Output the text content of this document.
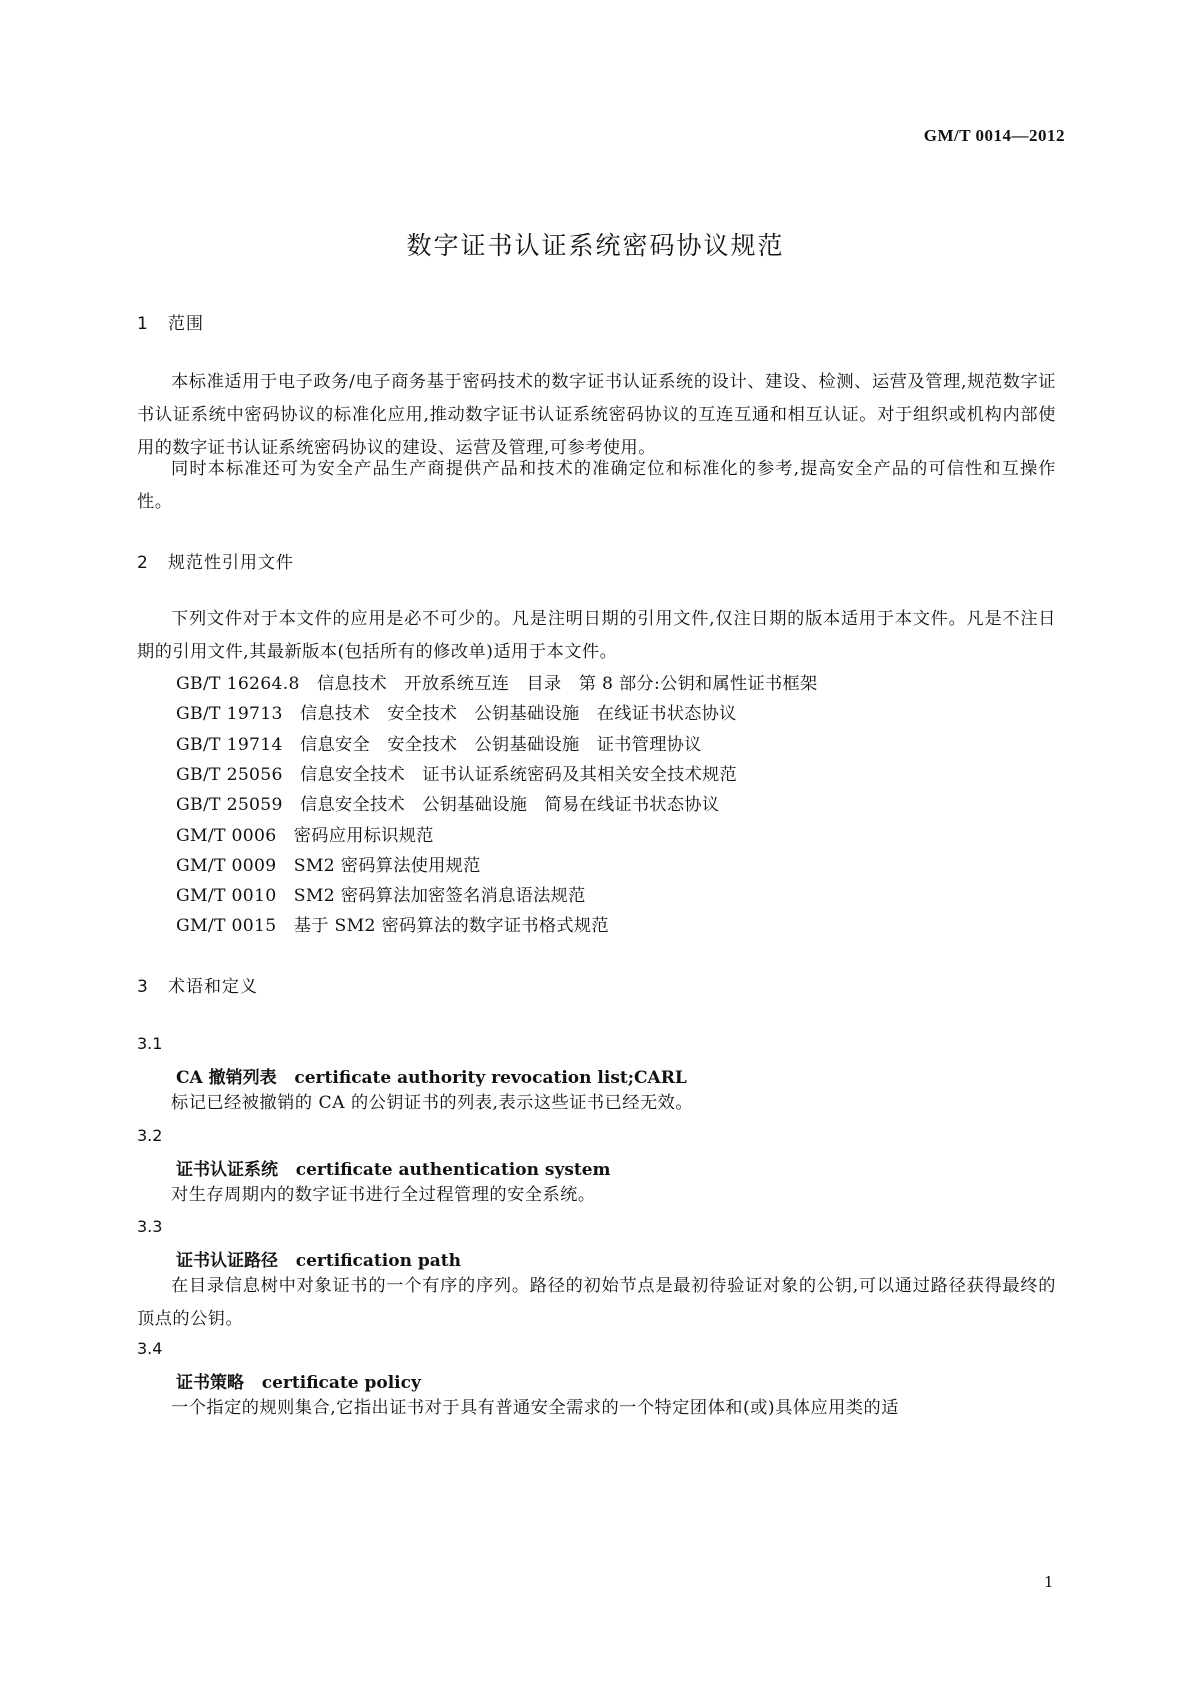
GM/T 0014—2012
数字证书认证系统密码协议规范
1 范围

本标准适用于电子政务/电子商务基于密码技术的数字证书认证系统的设计、建设、检测、运营及管理,规范数字证书认证系统中密码协议的标准化应用,推动数字证书认证系统密码协议的互连互通和相互认证。对于组织或机构内部使用的数字证书认证系统密码协议的建设、运营及管理,可参考使用。

同时本标准还可为安全产品生产商提供产品和技术的准确定位和标准化的参考,提高安全产品的可信性和互操作性。

2 规范性引用文件

下列文件对于本文件的应用是必不可少的。凡是注明日期的引用文件,仅注日期的版本适用于本文件。凡是不注日期的引用文件,其最新版本(包括所有的修改单)适用于本文件。

GB/T 16264.8   信息技术   开放系统互连   目录   第 8 部分:公钥和属性证书框架
GB/T 19713   信息技术   安全技术   公钥基础设施   在线证书状态协议
GB/T 19714   信息安全   安全技术   公钥基础设施   证书管理协议
GB/T 25056   信息安全技术   证书认证系统密码及其相关安全技术规范
GB/T 25059   信息安全技术   公钥基础设施   简易在线证书状态协议
GM/T 0006   密码应用标识规范
GM/T 0009   SM2 密码算法使用规范
GM/T 0010   SM2 密码算法加密签名消息语法规范
GM/T 0015   基于 SM2 密码算法的数字证书格式规范
3 术语和定义
3.1
CA 撤销列表   certificate authority revocation list;CARL

标记已经被撤销的 CA 的公钥证书的列表,表示这些证书已经无效。

3.2
证书认证系统   certificate authentication system

对生存周期内的数字证书进行全过程管理的安全系统。

3.3
证书认证路径   certification path

在目录信息树中对象证书的一个有序的序列。路径的初始节点是最初待验证对象的公钥,可以通过路径获得最终的顶点的公钥。

3.4
证书策略   certificate policy

一个指定的规则集合,它指出证书对于具有普通安全需求的一个特定团体和(或)具体应用类的适

1
